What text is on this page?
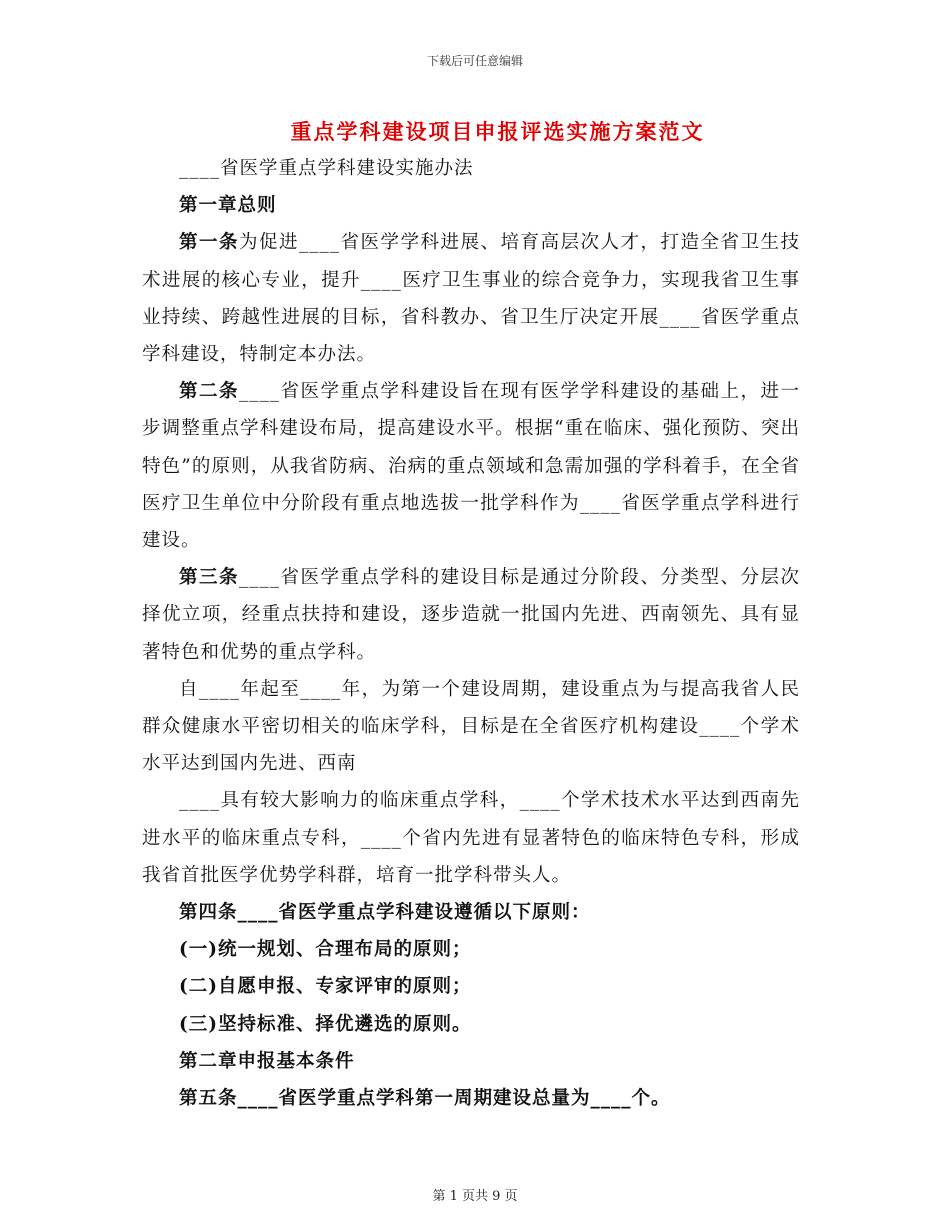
下载后可任意编辑
重点学科建设项目申报评选实施方案范文

____省医学重点学科建设实施办法

第一章总则

第一条为促进____省医学学科进展、培育高层次人才，打造全省卫生技术进展的核心专业，提升____医疗卫生事业的综合竞争力，实现我省卫生事业持续、跨越性进展的目标，省科教办、省卫生厅决定开展____省医学重点学科建设，特制定本办法。

第二条____省医学重点学科建设旨在现有医学学科建设的基础上，进一步调整重点学科建设布局，提高建设水平。根据“重在临床、强化预防、突出特色”的原则，从我省防病、治病的重点领域和急需加强的学科着手，在全省医疗卫生单位中分阶段有重点地选拔一批学科作为____省医学重点学科进行建设。

第三条____省医学重点学科的建设目标是通过分阶段、分类型、分层次择优立项，经重点扶持和建设，逐步造就一批国内先进、西南领先、具有显著特色和优势的重点学科。

自____年起至____年，为第一个建设周期，建设重点为与提高我省人民群众健康水平密切相关的临床学科，目标是在全省医疗机构建设____个学术水平达到国内先进、西南

____具有较大影响力的临床重点学科，____个学术技术水平达到西南先进水平的临床重点专科，____个省内先进有显著特色的临床特色专科，形成我省首批医学优势学科群，培育一批学科带头人。

第四条____省医学重点学科建设遵循以下原则：

(一)统一规划、合理布局的原则；

(二)自愿申报、专家评审的原则；

(三)坚持标准、择优遴选的原则。

第二章申报基本条件

第五条____省医学重点学科第一周期建设总量为____个。

第 1 页共 9 页
